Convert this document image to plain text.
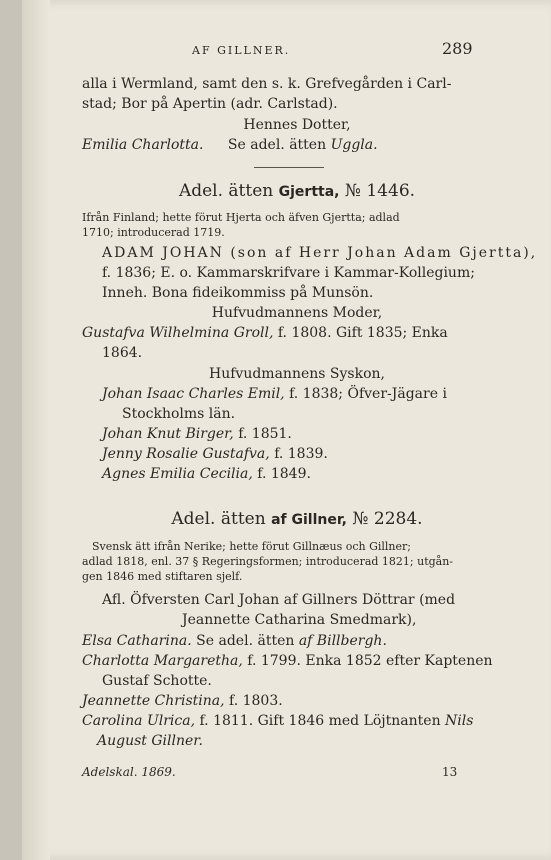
AF GILLNER.	289
alla i Wermland, samt den s. k. Grefvegården i Carl-
stad; Bor på Apertin (adr. Carlstad).
Hennes Dotter,
Emilia Charlotta. Se adel. ätten Uggla.
Adel. ätten Gjertta, № 1446.
Ifrån Finland; hette förut Hjerta och äfven Gjertta; adlad
1710; introducerad 1719.
ADAM JOHAN (son af Herr Johan Adam Gjertta),
f. 1836; E. o. Kammarskrifvare i Kammar-Kollegium;
Inneh. Bona fideikommiss på Munsön.
Hufvudmannens Moder,
Gustafva Wilhelmina Groll, f. 1808. Gift 1835; Enka
1864.
Hufvudmannens Syskon,
Johan Isaac Charles Emil, f. 1838; Öfver-Jägare i
Stockholms län.
Johan Knut Birger, f. 1851.
Jenny Rosalie Gustafva, f. 1839.
Agnes Emilia Cecilia, f. 1849.
Adel. ätten af Gillner, № 2284.
Svensk ätt ifrån Nerike; hette förut Gillnæus och Gillner;
adlad 1818, enl. 37 § Regeringsformen; introducerad 1821; utgån-
gen 1846 med stiftaren sjelf.
Afl. Öfversten Carl Johan af Gillners Döttrar (med
Jeannette Catharina Smedmark),
Elsa Catharina. Se adel. ätten af Billbergh.
Charlotta Margaretha, f. 1799. Enka 1852 efter Kaptenen
Gustaf Schotte.
Jeannette Christina, f. 1803.
Carolina Ulrica, f. 1811. Gift 1846 med Löjtnanten Nils
August Gillner.
Adelskal. 1869.	13
